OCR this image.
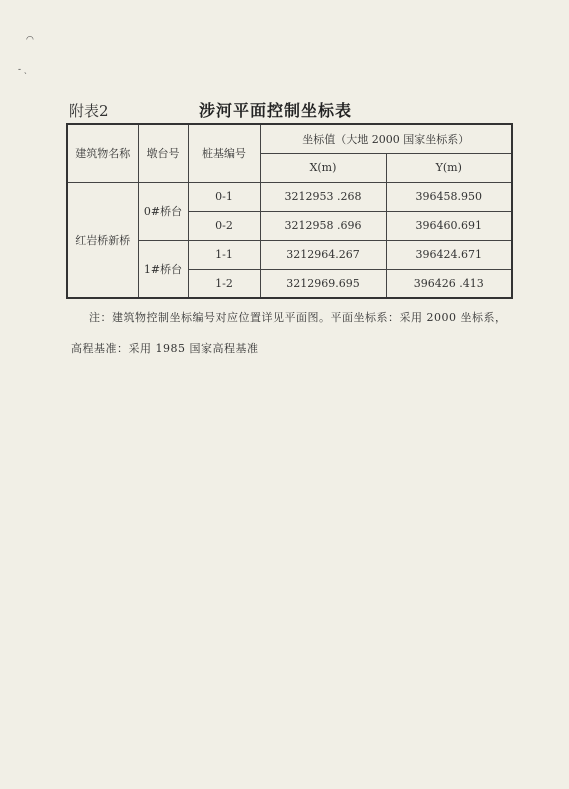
◠
- ˎ
附表2	涉河平面控制坐标表
建筑物名称	墩台号	桩基编号	坐标值（大地 2000 国家坐标系）	
			X(m)	Y(m)
红岩桥新桥	0#桥台	0-1	3212953 .268	396458.950
		0-2	3212958 .696	396460.691
	1#桥台	1-1	3212964.267	396424.671
		1-2	3212969.695	396426 .413
注：建筑物控制坐标编号对应位置详见平面图。平面坐标系：采用 2000 坐标系，
高程基准：采用 1985 国家高程基准
